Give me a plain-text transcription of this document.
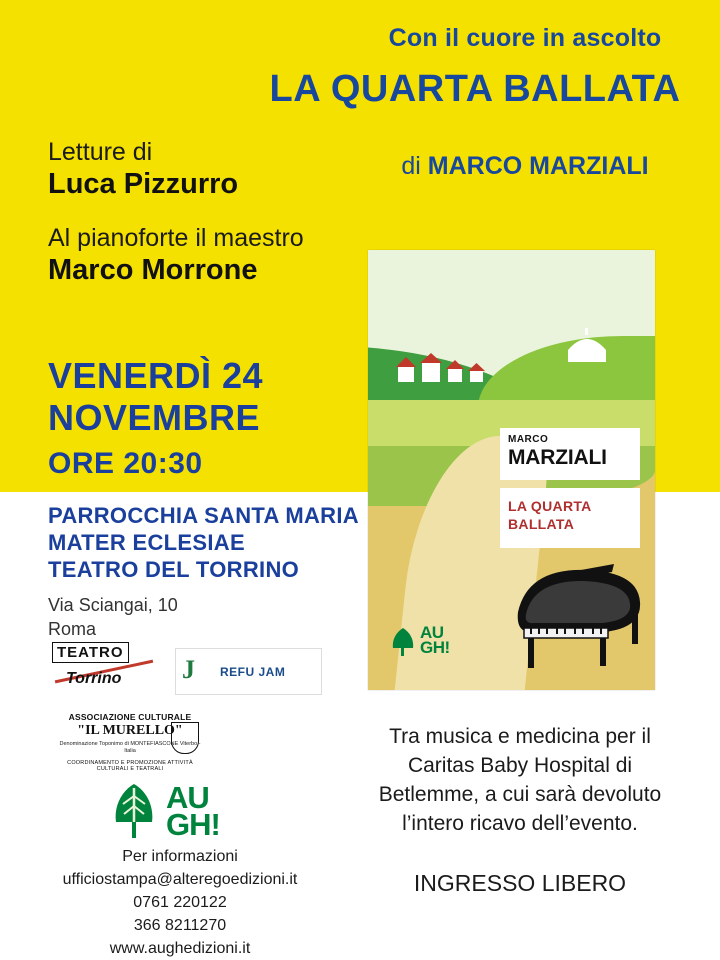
Con il cuore in ascolto
LA QUARTA BALLATA
di MARCO MARZIALI
Letture di
Luca Pizzurro
Al pianoforte il maestro
Marco Morrone
VENERDÌ 24
NOVEMBRE
ORE 20:30
PARROCCHIA SANTA MARIA
MATER ECLESIAE
TEATRO DEL TORRINO
Via Sciangai, 10
Roma
TEATRO
Torrino J REFU JAM
ASSOCIAZIONE CULTURALE
"IL MURELLO"
Denominazione Toponimo di MONTEFIASCONE Viterbo - Italia
COORDINAMENTO E PROMOZIONE ATTIVITÀ CULTURALI E TEATRALI
AU
GH!
Per informazioni
ufficiostampa@alteregoedizioni.it
0761 220122
366 8211270
www.aughedizioni.it
MARCO
MARZIALI
LA QUARTA
BALLATA
AU
GH!
Tra musica e medicina per il Caritas Baby Hospital di Betlemme, a cui sarà devoluto l’intero ricavo dell’evento.
INGRESSO LIBERO
